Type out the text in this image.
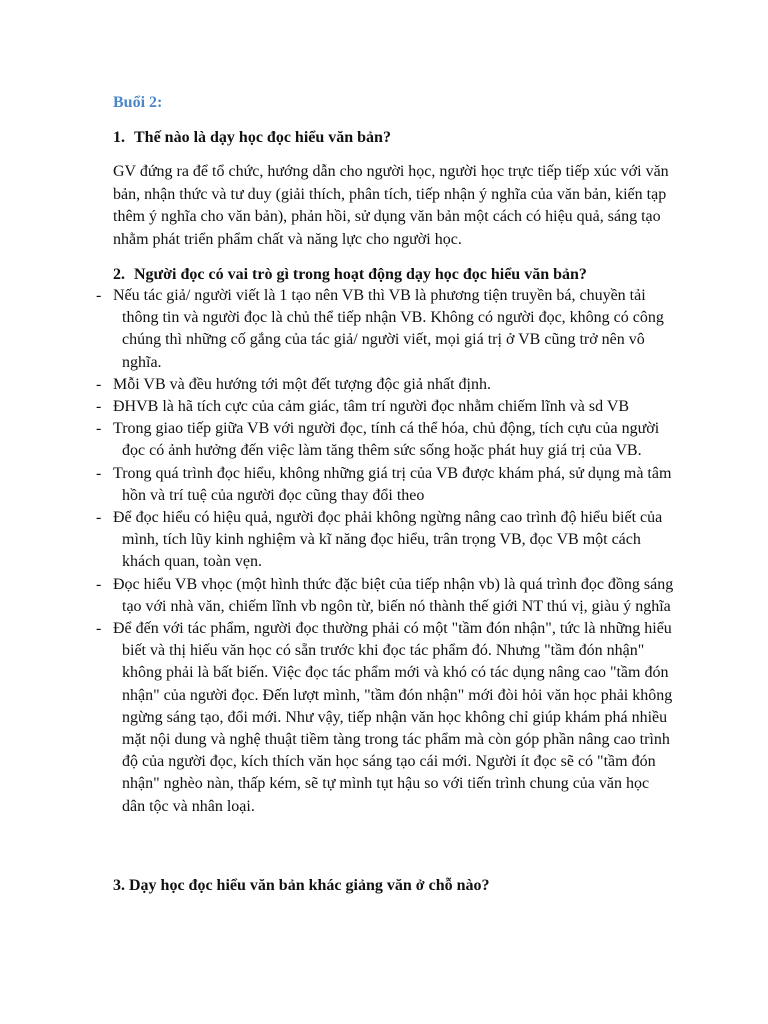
Buổi 2:
1. Thế nào là dạy học đọc hiểu văn bản?
GV đứng ra để tổ chức, hướng dẫn cho người học, người học trực tiếp tiếp xúc với văn bản, nhận thức và tư duy (giải thích, phân tích, tiếp nhận ý nghĩa của văn bản, kiến tạp thêm ý nghĩa cho văn bản), phản hồi, sử dụng văn bản một cách có hiệu quả, sáng tạo nhằm phát triển phẩm chất và năng lực cho người học.
2. Người đọc có vai trò gì trong hoạt động dạy học đọc hiểu văn bản?
- Nếu tác giả/ người viết là 1 tạo nên VB thì VB là phương tiện truyền bá, chuyền tải thông tin và người đọc là chủ thể tiếp nhận VB. Không có người đọc, không có công chúng thì những cố gắng của tác giả/ người viết, mọi giá trị ở VB cũng trở nên vô nghĩa.
- Mỗi VB và đều hướng tới một đết tượng độc giả nhất định.
- ĐHVB là hã tích cực của cảm giác, tâm trí người đọc nhằm chiếm lĩnh và sd VB
- Trong giao tiếp giữa VB với người đọc, tính cá thể hóa, chủ động, tích cựu của người đọc có ảnh hưởng đến việc làm tăng thêm sức sống hoặc phát huy giá trị của VB.
- Trong quá trình đọc hiểu, không những giá trị của VB được khám phá, sử dụng mà tâm hồn và trí tuệ của người đọc cũng thay đổi theo
- Để đọc hiểu có hiệu quả, người đọc phải không ngừng nâng cao trình độ hiểu biết của mình, tích lũy kinh nghiệm và kĩ năng đọc hiểu, trân trọng VB, đọc VB một cách khách quan, toàn vẹn.
- Đọc hiểu VB vhọc (một hình thức đặc biệt của tiếp nhận vb) là quá trình đọc đồng sáng tạo với nhà văn, chiếm lĩnh vb ngôn từ, biến nó thành thế giới NT thú vị, giàu ý nghĩa
- Để đến với tác phẩm, người đọc thường phải có một "tầm đón nhận", tức là những hiểu biết và thị hiếu văn học có sẵn trước khi đọc tác phẩm đó. Nhưng "tầm đón nhận" không phải là bất biến. Việc đọc tác phẩm mới và khó có tác dụng nâng cao "tầm đón nhận" của người đọc. Đến lượt mình, "tầm đón nhận" mới đòi hỏi văn học phải không ngừng sáng tạo, đổi mới. Như vậy, tiếp nhận văn học không chỉ giúp khám phá nhiều mặt nội dung và nghệ thuật tiềm tàng trong tác phẩm mà còn góp phần nâng cao trình độ của người đọc, kích thích văn học sáng tạo cái mới. Người ít đọc sẽ có "tầm đón nhận" nghèo nàn, thấp kém, sẽ tự mình tụt hậu so với tiến trình chung của văn học dân tộc và nhân loại.
3. Dạy học đọc hiểu văn bản khác giảng văn ở chỗ nào?
